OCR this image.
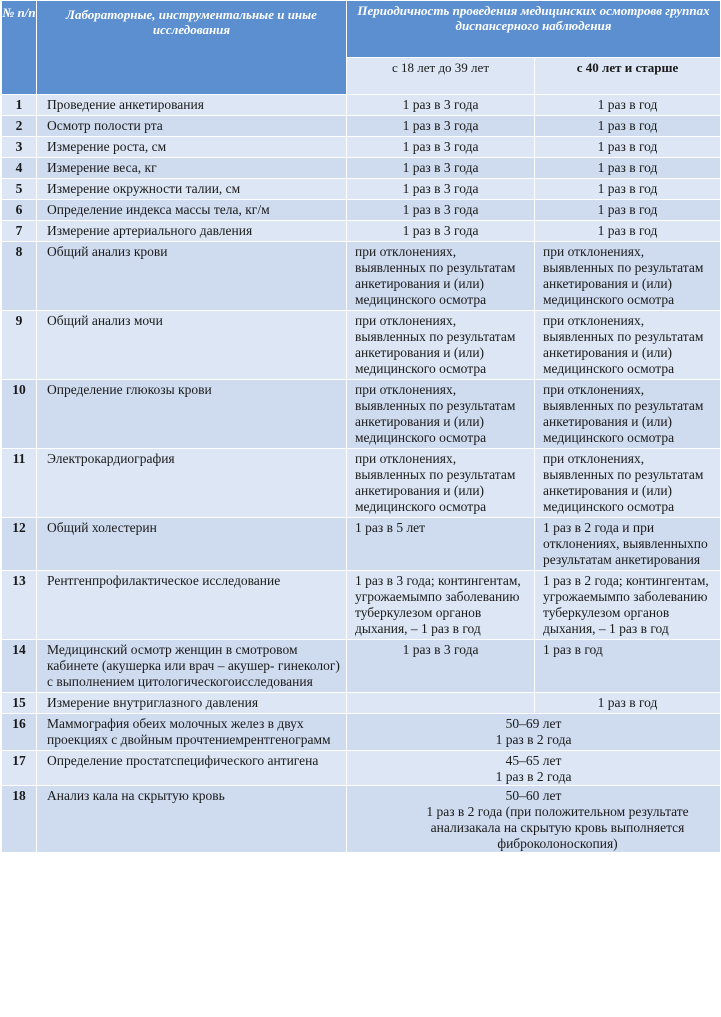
№ п/п	Лабораторные, инструментальные и иные исследования	Периодичность проведения медицинских осмотровв группах диспансерного наблюдения	
		с 18 лет до 39 лет	с 40 лет и старше
1	Проведение анкетирования	1 раз в 3 года	1 раз в год
2	Осмотр полости рта	1 раз в 3 года	1 раз в год
3	Измерение роста, см	1 раз в 3 года	1 раз в год
4	Измерение веса, кг	1 раз в 3 года	1 раз в год
5	Измерение окружности талии, см	1 раз в 3 года	1 раз в год
6	Определение индекса массы тела, кг/м	1 раз в 3 года	1 раз в год
7	Измерение артериального давления	1 раз в 3 года	1 раз в год
8	Общий анализ крови	при отклонениях, выявленных по результатам анкетирования и (или) медицинского осмотра	при отклонениях, выявленных по результатам анкетирования и (или) медицинского осмотра
9	Общий анализ мочи	при отклонениях, выявленных по результатам анкетирования и (или) медицинского осмотра	при отклонениях, выявленных по результатам анкетирования и (или) медицинского осмотра
10	Определение глюкозы крови	при отклонениях, выявленных по результатам анкетирования и (или) медицинского осмотра	при отклонениях, выявленных по результатам анкетирования и (или) медицинского осмотра
11	Электрокардиография	при отклонениях, выявленных по результатам анкетирования и (или) медицинского осмотра	при отклонениях, выявленных по результатам анкетирования и (или) медицинского осмотра
12	Общий холестерин	1 раз в 5 лет	1 раз в 2 года и при отклонениях, выявленныхпо результатам анкетирования
13	Рентгенпрофилактическое исследование	1 раз в 3 года; контингентам, угрожаемымпо заболеванию туберкулезом органов дыхания, – 1 раз в год	1 раз в 2 года; контингентам, угрожаемымпо заболеванию туберкулезом органов дыхания, – 1 раз в год
14	Медицинский осмотр женщин в смотровом кабинете (акушерка или врач – акушер- гинеколог) с выполнением цитологическогоисследования	1 раз в 3 года	1 раз в год
15	Измерение внутриглазного давления		1 раз в год
16	Маммография обеих молочных желез в двух проекциях с двойным прочтениемрентгенограмм	50–69 лет
1 раз в 2 года	

17	Определение простатспецифического антигена	45–65 лет
1 раз в 2 года	

18	Анализ кала на скрытую кровь	50–60 лет
1 раз в 2 года (при положительном результате анализакала на скрытую кровь выполняется фиброколоноскопия)	
